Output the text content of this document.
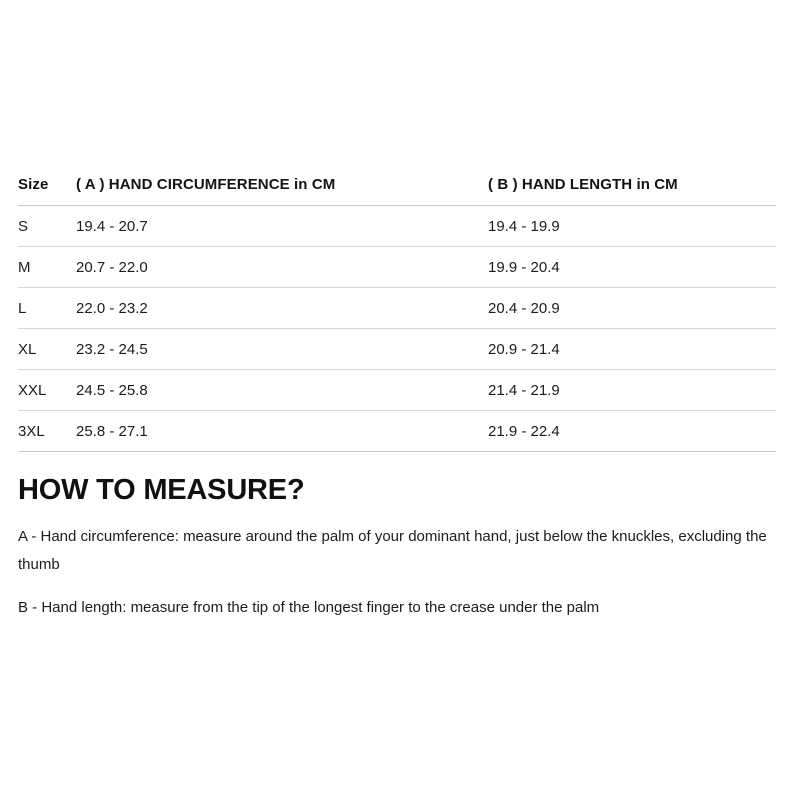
Size	( A ) HAND CIRCUMFERENCE in CM	( B ) HAND LENGTH in CM
S	19.4 - 20.7	19.4 - 19.9
M	20.7 - 22.0	19.9 - 20.4
L	22.0 - 23.2	20.4 - 20.9
XL	23.2 - 24.5	20.9 - 21.4
XXL	24.5 - 25.8	21.4 - 21.9
3XL	25.8 - 27.1	21.9 - 22.4
HOW TO MEASURE?

A - Hand circumference: measure around the palm of your dominant hand, just below the knuckles, excluding the thumb

B - Hand length: measure from the tip of the longest finger to the crease under the palm
